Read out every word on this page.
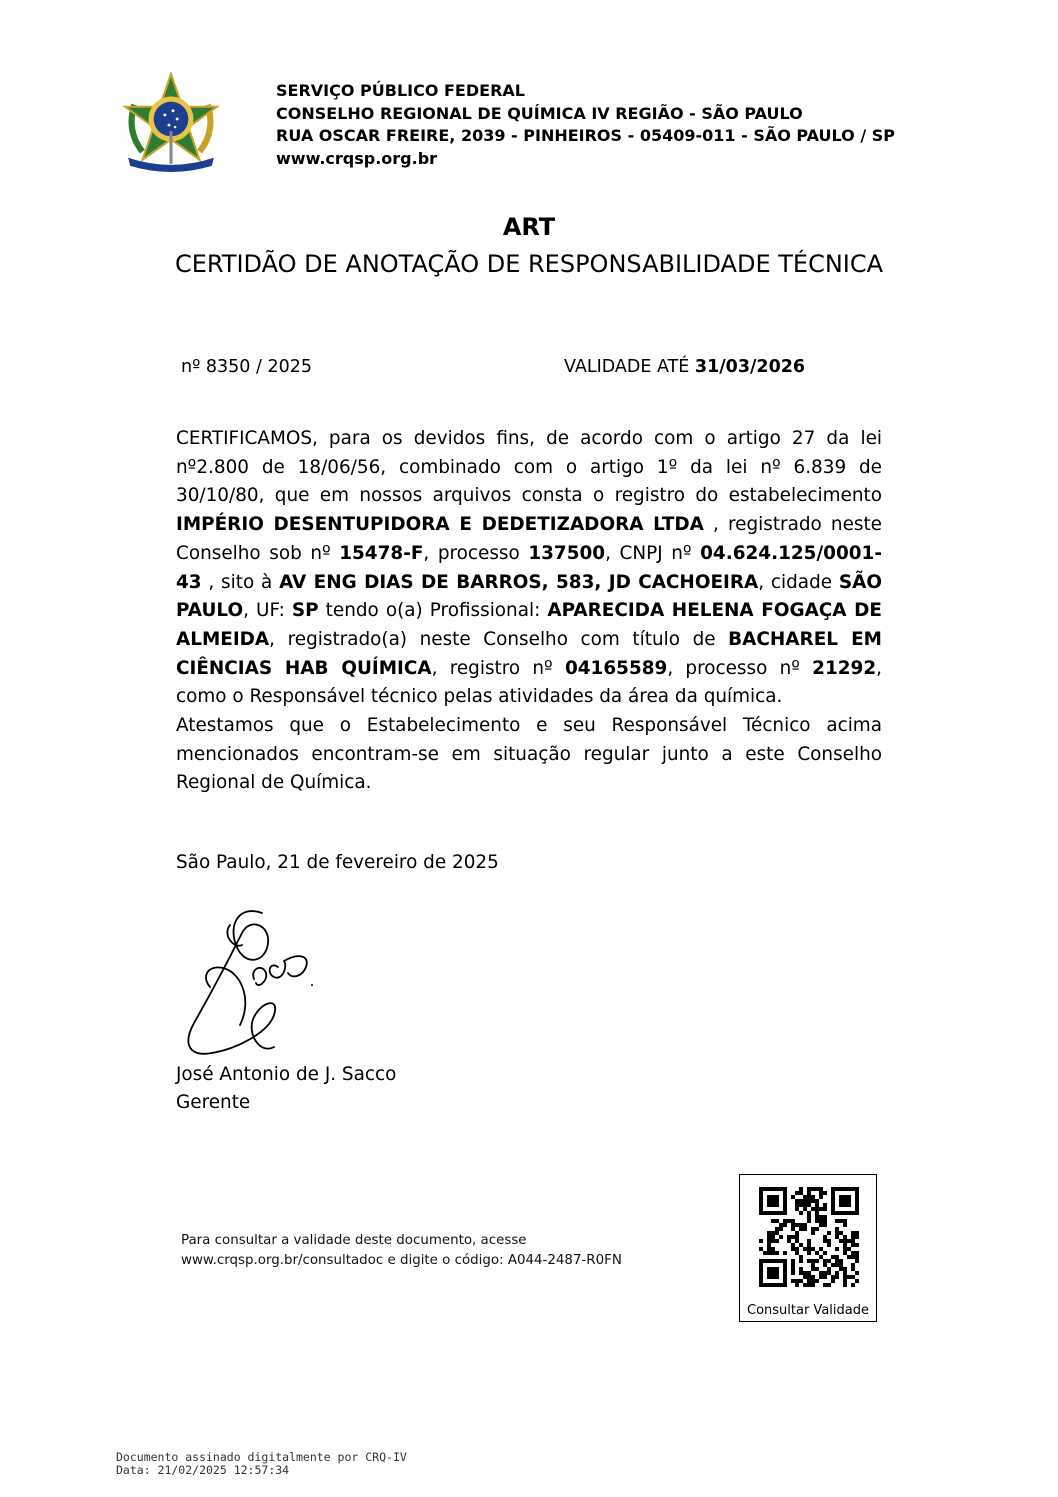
SERVIÇO PÚBLICO FEDERAL
CONSELHO REGIONAL DE QUÍMICA IV REGIÃO - SÃO PAULO
RUA OSCAR FREIRE, 2039 - PINHEIROS - 05409-011 - SÃO PAULO / SP
www.crqsp.org.br
ART
CERTIDÃO DE ANOTAÇÃO DE RESPONSABILIDADE TÉCNICA
nº 8350 / 2025	VALIDADE ATÉ 31/03/2026

CERTIFICAMOS, para os devidos fins, de acordo com o artigo 27 da lei nº2.800 de 18/06/56, combinado com o artigo 1º da lei nº 6.839 de 30/10/80, que em nossos arquivos consta o registro do estabelecimento IMPÉRIO DESENTUPIDORA E DEDETIZADORA LTDA , registrado neste Conselho sob nº 15478-F, processo 137500, CNPJ nº 04.624.125/0001-43 , sito à AV ENG DIAS DE BARROS, 583, JD CACHOEIRA, cidade SÃO PAULO, UF: SP tendo o(a) Profissional: APARECIDA HELENA FOGAÇA DE ALMEIDA, registrado(a) neste Conselho com título de BACHAREL EM CIÊNCIAS HAB QUÍMICA, registro nº 04165589, processo nº 21292, como o Responsável técnico pelas atividades da área da química.

Atestamos que o Estabelecimento e seu Responsável Técnico acima mencionados encontram-se em situação regular junto a este Conselho Regional de Química.

São Paulo, 21 de fevereiro de 2025
José Antonio de J. Sacco
Gerente
Para consultar a validade deste documento, acesse
www.crqsp.org.br/consultadoc e digite o código: A044-2487-R0FN
Consultar Validade
Documento assinado digitalmente por CRQ-IV
Data: 21/02/2025 12:57:34
